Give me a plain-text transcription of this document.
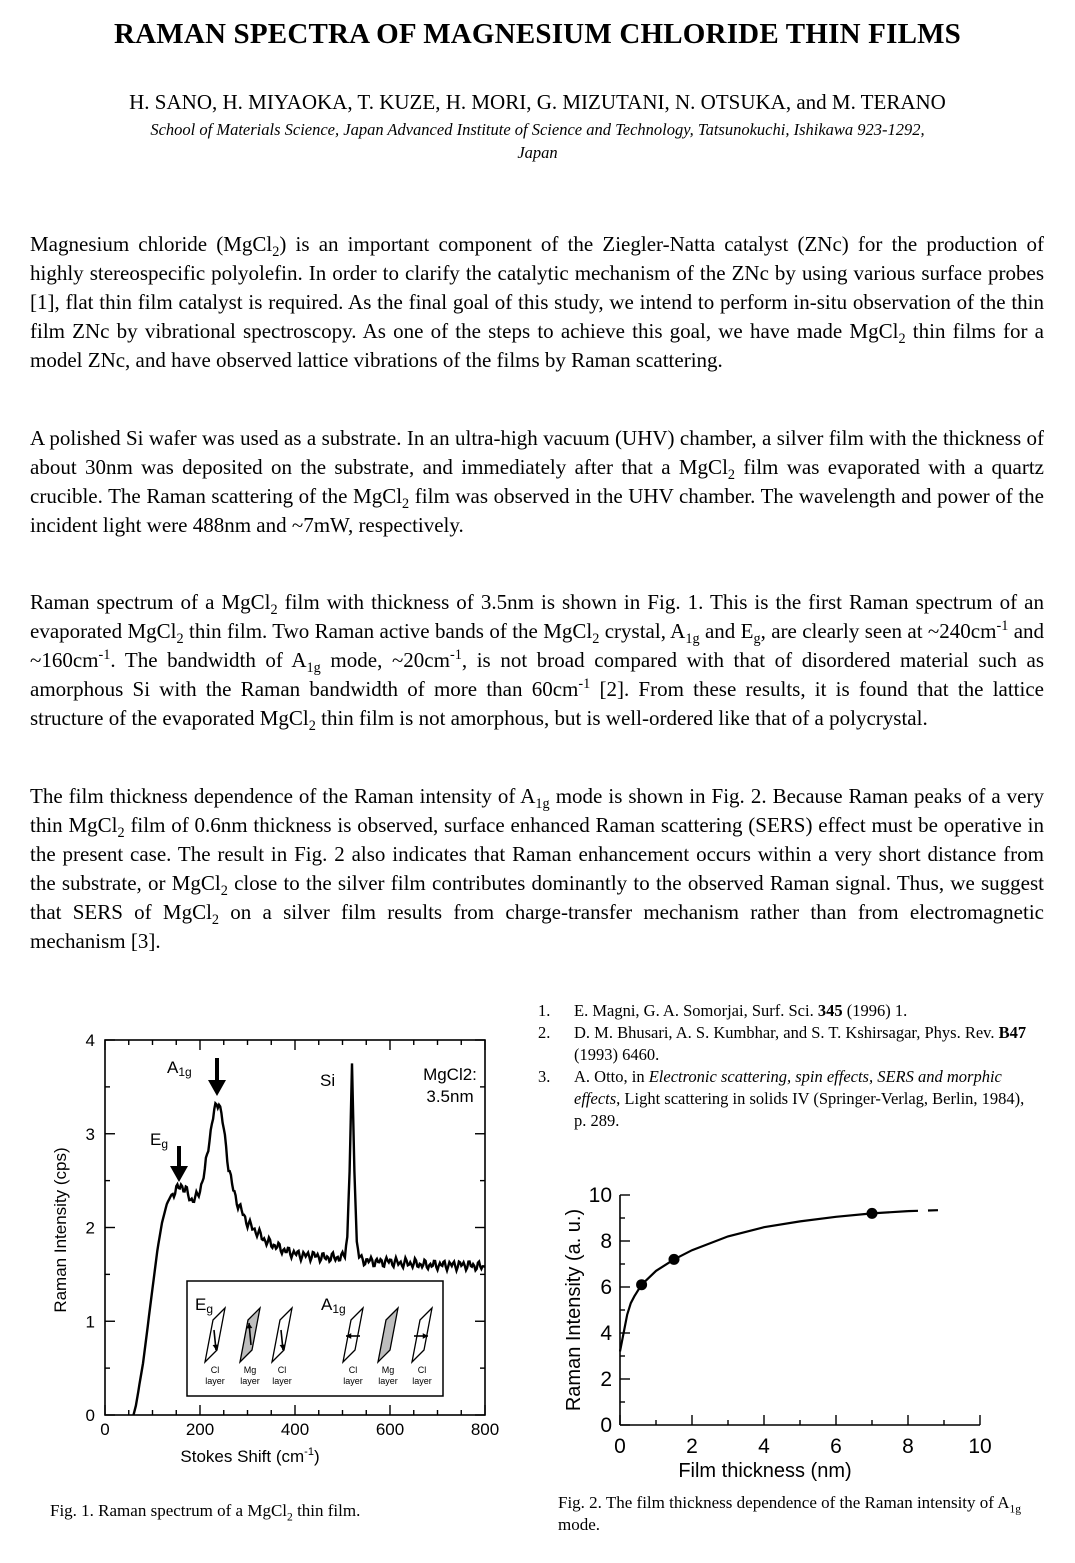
RAMAN SPECTRA OF MAGNESIUM CHLORIDE THIN FILMS
H. SANO, H. MIYAOKA, T. KUZE, H. MORI, G. MIZUTANI, N. OTSUKA, and M. TERANO
School of Materials Science, Japan Advanced Institute of Science and Technology, Tatsunokuchi, Ishikawa 923-1292,
Japan

Magnesium chloride (MgCl$_2$) is an important component of the Ziegler-Natta catalyst (ZNc) for the production of highly stereospecific polyolefin. In order to clarify the catalytic mechanism of the ZNc by using various surface probes [1], flat thin film catalyst is required. As the final goal of this study, we intend to perform in-situ observation of the thin film ZNc by vibrational spectroscopy. As one of the steps to achieve this goal, we have made MgCl$_2$ thin films for a model ZNc, and have observed lattice vibrations of the films by Raman scattering.

A polished Si wafer was used as a substrate. In an ultra-high vacuum (UHV) chamber, a silver film with the thickness of about 30nm was deposited on the substrate, and immediately after that a MgCl$_2$ film was evaporated with a quartz crucible. The Raman scattering of the MgCl$_2$ film was observed in the UHV chamber. The wavelength and power of the incident light were 488nm and ~7mW, respectively.

Raman spectrum of a MgCl$_2$ film with thickness of 3.5nm is shown in Fig. 1. This is the first Raman spectrum of an evaporated MgCl$_2$ thin film. Two Raman active bands of the MgCl$_2$ crystal, $A_{1g}$ and $E_g$, are clearly seen at $\sim 240cm^{-1}$ and $\sim 160cm^{-1}$. The bandwidth of $A_{1g}$ mode, $\sim 20cm^{-1}$, is not broad compared with that of disordered material such as amorphous Si with the Raman bandwidth of more than $60cm^{-1}$ [2]. From these results, it is found that the lattice structure of the evaporated MgCl$_2$ thin film is not amorphous, but is well-ordered like that of a polycrystal.

The film thickness dependence of the Raman intensity of $A_{1g}$ mode is shown in Fig. 2. Because Raman peaks of a very thin MgCl$_2$ film of 0.6nm thickness is observed, surface enhanced Raman scattering (SERS) effect must be operative in the present case. The result in Fig. 2 also indicates that Raman enhancement occurs within a very short distance from the substrate, or MgCl$_2$ close to the silver film contributes dominantly to the observed Raman signal. Thus, we suggest that SERS of MgCl$_2$ on a silver film results from charge-transfer mechanism rather than from electromagnetic mechanism [3].

1. E. Magni, G. A. Somorjai, Surf. Sci. 345 (1996) 1.

2. D. M. Bhusari, A. S. Kumbhar, and S. T. Kshirsagar, Phys. Rev. B47 (1993) 6460.

3. A. Otto, in Electronic scattering, spin effects, SERS and morphic effects, Light scattering in solids IV (Springer-Verlag, Berlin, 1984), p. 289.

0	200	400	600	800
0
1
2
3
4
Stokes Shift $(cm^{-1})$
Raman Intensity (cps)
A1g
Eg
Si	MgCl2:
3.5nm
Eg	A1g
Cl
layer
Mg
layer
Cl
layer
Cl
layer
Mg
layer
Cl
layer
Fig. 1. Raman spectrum of a MgCl$_2$ thin film.
0	2	4	6	8	10
0
2
4
6
8
10
Film thickness (nm)
Raman Intensity (a. u.)
Fig. 2. The film thickness dependence of the Raman intensity of $A_{1g}$ mode.
